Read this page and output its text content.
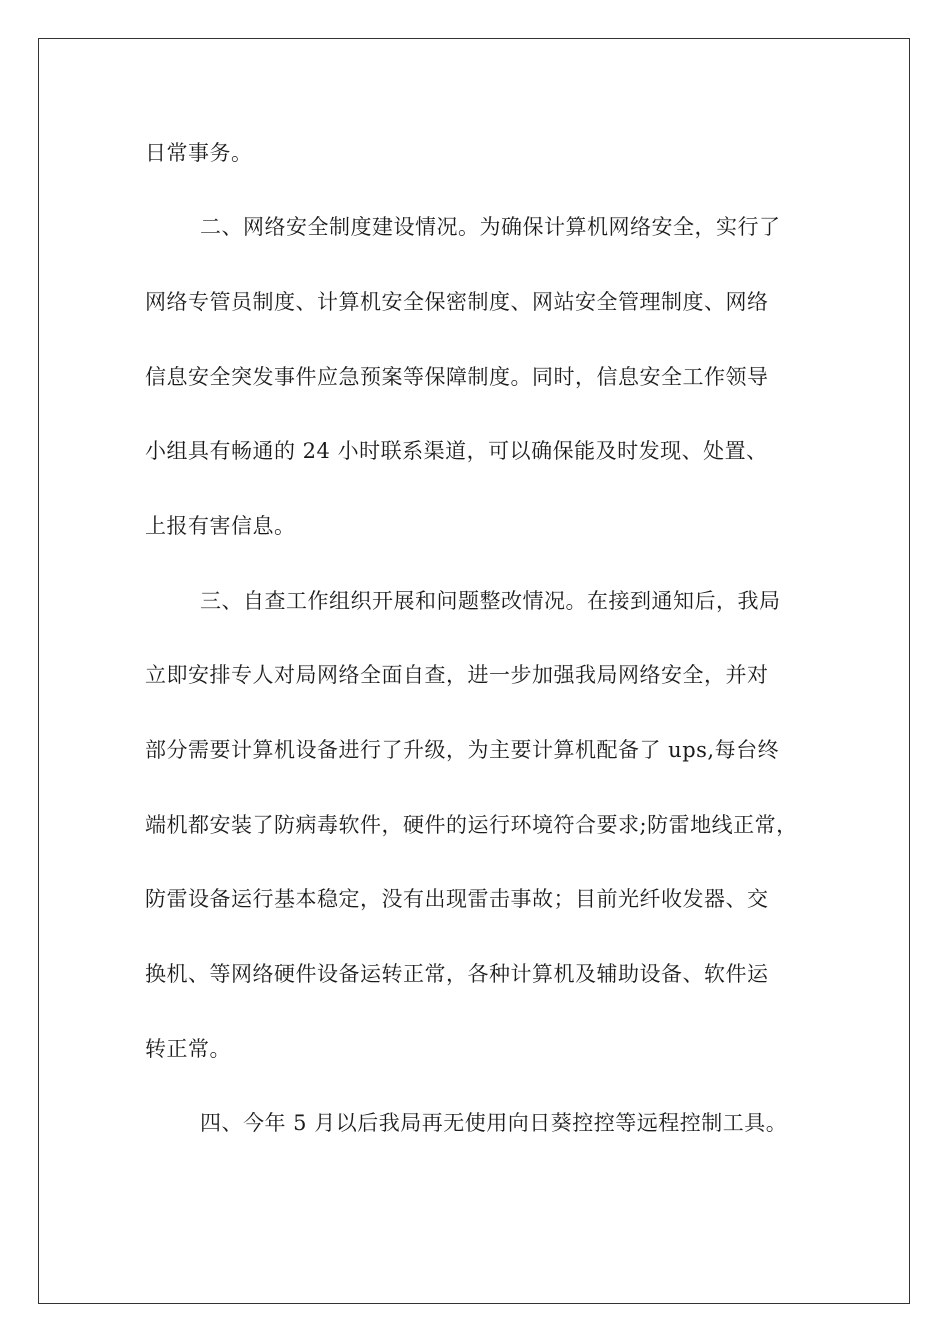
日常事务。
二、网络安全制度建设情况。为确保计算机网络安全，实行了
网络专管员制度、计算机安全保密制度、网站安全管理制度、网络
信息安全突发事件应急预案等保障制度。同时，信息安全工作领导
小组具有畅通的 24 小时联系渠道，可以确保能及时发现、处置、
上报有害信息。
三、自查工作组织开展和问题整改情况。在接到通知后，我局
立即安排专人对局网络全面自查，进一步加强我局网络安全，并对
部分需要计算机设备进行了升级，为主要计算机配备了 ups,每台终
端机都安装了防病毒软件，硬件的运行环境符合要求;防雷地线正常，
防雷设备运行基本稳定，没有出现雷击事故；目前光纤收发器、交
换机、等网络硬件设备运转正常，各种计算机及辅助设备、软件运
转正常。
四、今年 5 月以后我局再无使用向日葵控控等远程控制工具。
